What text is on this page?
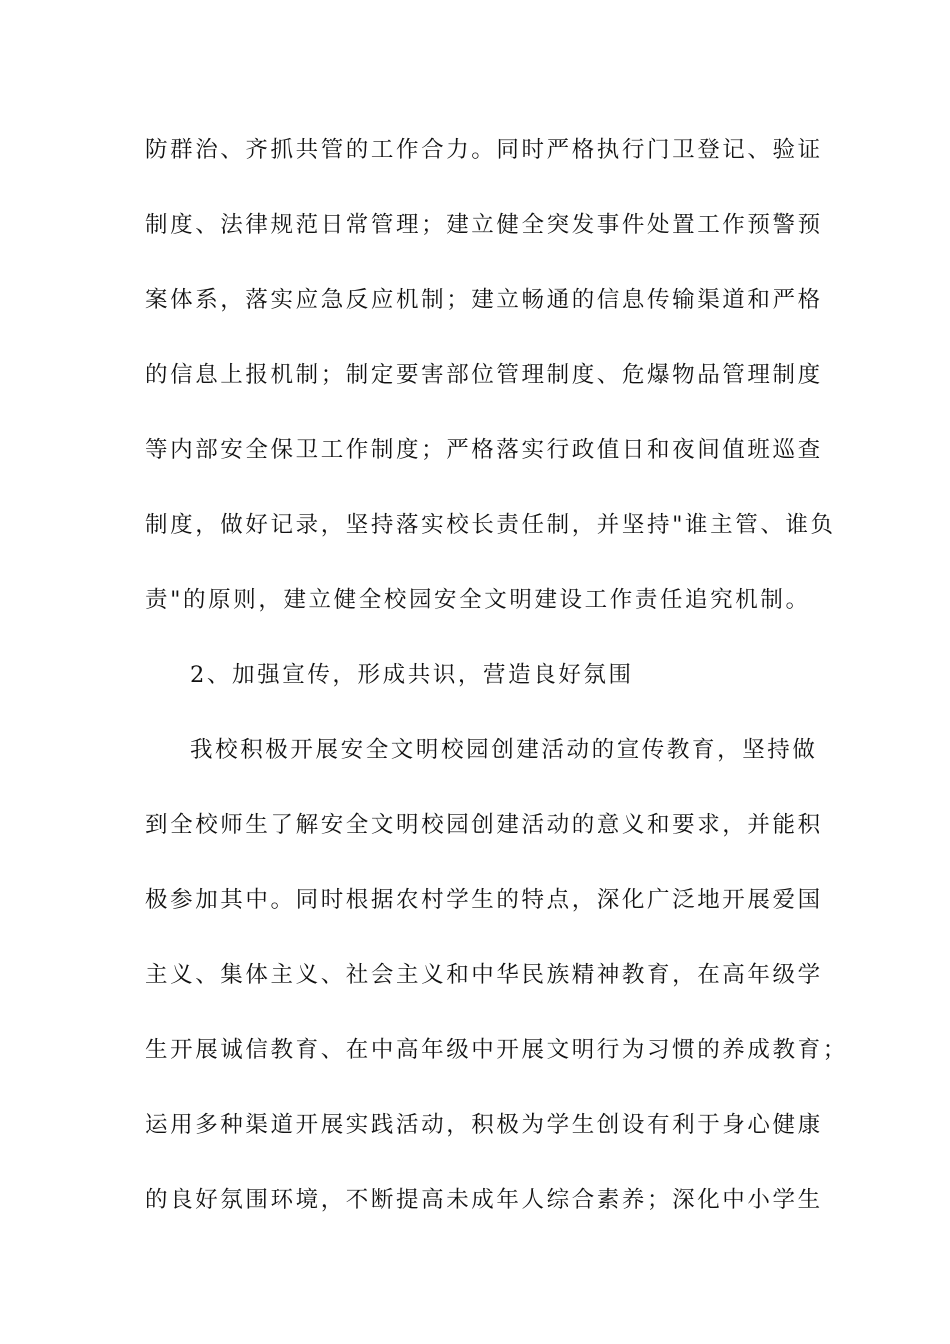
防群治、齐抓共管的工作合力。同时严格执行门卫登记、验证
制度、法律规范日常管理；建立健全突发事件处置工作预警预
案体系，落实应急反应机制；建立畅通的信息传输渠道和严格
的信息上报机制；制定要害部位管理制度、危爆物品管理制度
等内部安全保卫工作制度；严格落实行政值日和夜间值班巡查
制度，做好记录，坚持落实校长责任制，并坚持"谁主管、谁负
责"的原则，建立健全校园安全文明建设工作责任追究机制。
2、加强宣传，形成共识，营造良好氛围
我校积极开展安全文明校园创建活动的宣传教育，坚持做
到全校师生了解安全文明校园创建活动的意义和要求，并能积
极参加其中。同时根据农村学生的特点，深化广泛地开展爱国
主义、集体主义、社会主义和中华民族精神教育，在高年级学
生开展诚信教育、在中高年级中开展文明行为习惯的养成教育；
运用多种渠道开展实践活动，积极为学生创设有利于身心健康
的良好氛围环境，不断提高未成年人综合素养；深化中小学生
